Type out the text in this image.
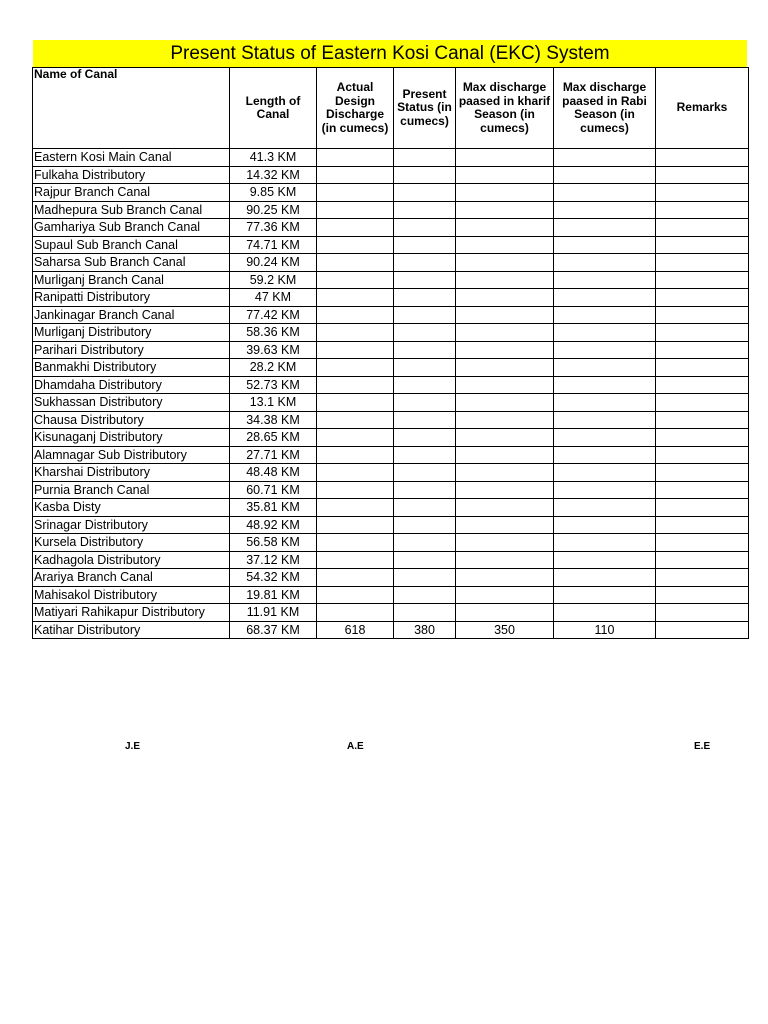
Present Status of Eastern Kosi Canal (EKC) System
Name of Canal	Length of Canal	Actual Design Discharge (in cumecs)	Present Status (in cumecs)	Max discharge paased in kharif Season (in cumecs)	Max discharge paased in Rabi Season (in cumecs)	Remarks
Eastern Kosi Main Canal	41.3 KM					
Fulkaha Distributory	14.32 KM					
Rajpur Branch Canal	9.85 KM					
Madhepura Sub Branch Canal	90.25 KM					
Gamhariya Sub Branch Canal	77.36 KM					
Supaul Sub Branch Canal	74.71 KM					
Saharsa Sub Branch Canal	90.24 KM					
Murliganj Branch Canal	59.2 KM					
Ranipatti Distributory	47 KM					
Jankinagar Branch Canal	77.42 KM					
Murliganj Distributory	58.36 KM					
Parihari Distributory	39.63 KM					
Banmakhi Distributory	28.2 KM					
Dhamdaha Distributory	52.73 KM					
Sukhassan Distributory	13.1 KM					
Chausa Distributory	34.38 KM					
Kisunaganj Distributory	28.65 KM					
Alamnagar Sub Distributory	27.71 KM					
Kharshai Distributory	48.48 KM					
Purnia Branch Canal	60.71 KM					
Kasba Disty	35.81 KM					
Srinagar Distributory	48.92 KM					
Kursela Distributory	56.58 KM					
Kadhagola Distributory	37.12 KM					
Arariya Branch Canal	54.32 KM					
Mahisakol Distributory	19.81 KM					
Matiyari Rahikapur Distributory	11.91 KM					
Katihar Distributory	68.37 KM	618	380	350	110	
J.E	A.E	E.E
